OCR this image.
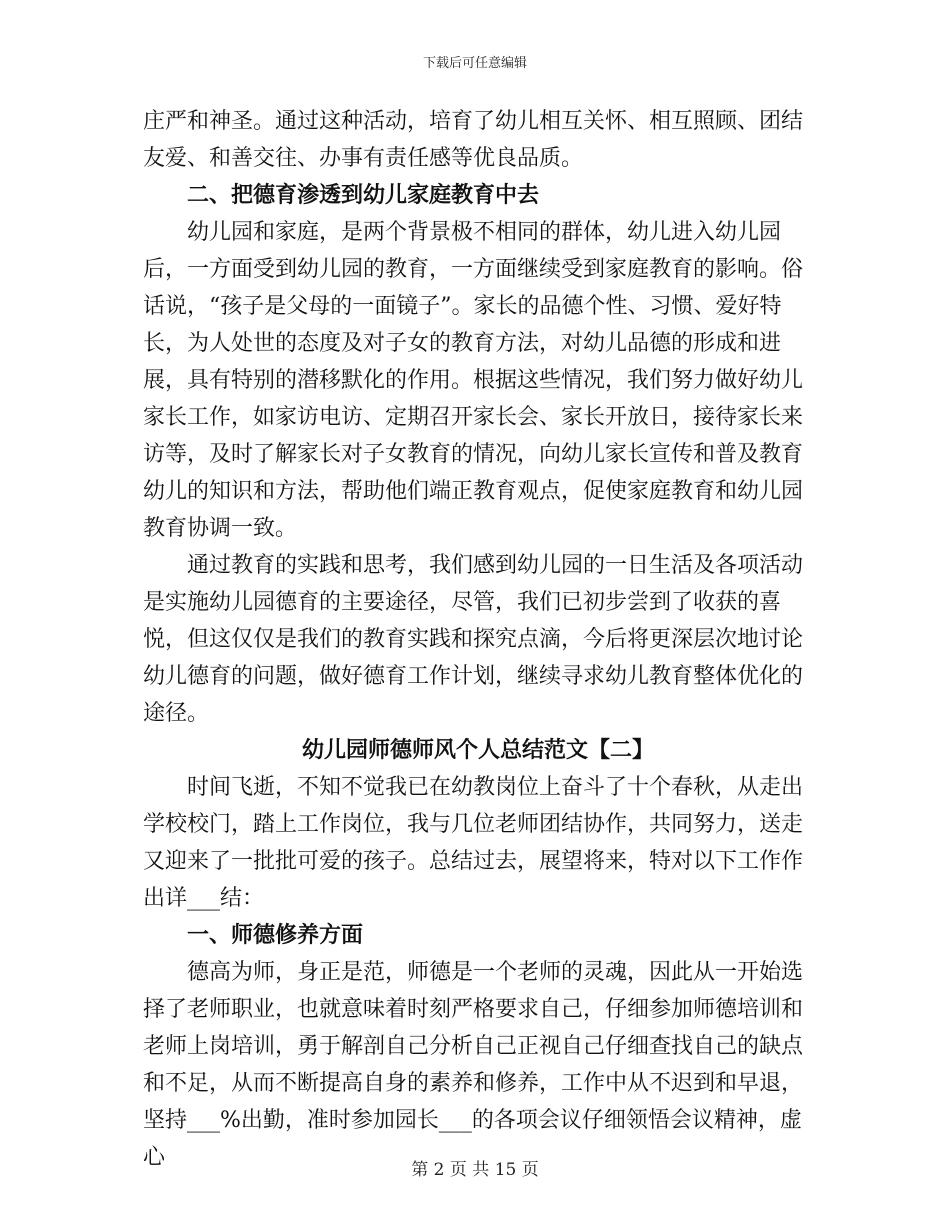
下载后可任意编辑

庄严和神圣。通过这种活动，培育了幼儿相互关怀、相互照顾、团结友爱、和善交往、办事有责任感等优良品质。

二、把德育渗透到幼儿家庭教育中去

幼儿园和家庭，是两个背景极不相同的群体，幼儿进入幼儿园后，一方面受到幼儿园的教育，一方面继续受到家庭教育的影响。俗话说，“孩子是父母的一面镜子”。家长的品德个性、习惯、爱好特长，为人处世的态度及对子女的教育方法，对幼儿品德的形成和进展，具有特别的潜移默化的作用。根据这些情况，我们努力做好幼儿家长工作，如家访电访、定期召开家长会、家长开放日，接待家长来访等，及时了解家长对子女教育的情况，向幼儿家长宣传和普及教育幼儿的知识和方法，帮助他们端正教育观点，促使家庭教育和幼儿园教育协调一致。

通过教育的实践和思考，我们感到幼儿园的一日生活及各项活动是实施幼儿园德育的主要途径，尽管，我们已初步尝到了收获的喜悦，但这仅仅是我们的教育实践和探究点滴，今后将更深层次地讨论幼儿德育的问题，做好德育工作计划，继续寻求幼儿教育整体优化的途径。

幼儿园师德师风个人总结范文【二】

时间飞逝，不知不觉我已在幼教岗位上奋斗了十个春秋，从走出学校校门，踏上工作岗位，我与几位老师团结协作，共同努力，送走又迎来了一批批可爱的孩子。总结过去，展望将来，特对以下工作作出详___结：

一、师德修养方面

德高为师，身正是范，师德是一个老师的灵魂，因此从一开始选择了老师职业，也就意味着时刻严格要求自己，仔细参加师德培训和老师上岗培训，勇于解剖自己分析自己正视自己仔细查找自己的缺点和不足，从而不断提高自身的素养和修养，工作中从不迟到和早退，坚持___%出勤，准时参加园长___的各项会议仔细领悟会议精神，虚心	第 2 页 共 15 页
